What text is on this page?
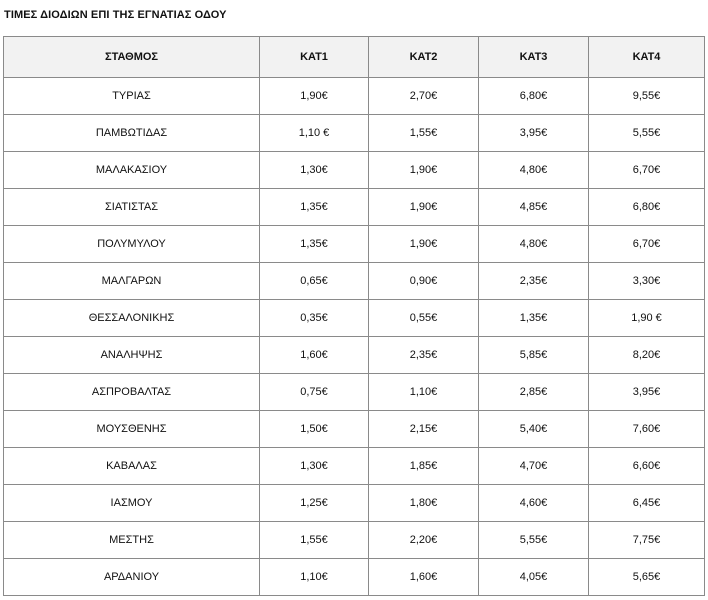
ΤΙΜΕΣ ΔΙΟΔΙΩΝ ΕΠΙ ΤΗΣ ΕΓΝΑΤΙΑΣ ΟΔΟΥ
ΣΤΑΘΜΟΣ	ΚΑΤ1	ΚΑΤ2	ΚΑΤ3	ΚΑΤ4
ΤΥΡΙΑΣ	1,90€	2,70€	6,80€	9,55€
ΠΑΜΒΩΤΙΔΑΣ	1,10 €	1,55€	3,95€	5,55€
ΜΑΛΑΚΑΣΙΟΥ	1,30€	1,90€	4,80€	6,70€
ΣΙΑΤΙΣΤΑΣ	1,35€	1,90€	4,85€	6,80€
ΠΟΛΥΜΥΛΟΥ	1,35€	1,90€	4,80€	6,70€
ΜΑΛΓΑΡΩΝ	0,65€	0,90€	2,35€	3,30€
ΘΕΣΣΑΛΟΝΙΚΗΣ	0,35€	0,55€	1,35€	1,90 €
ΑΝΑΛΗΨΗΣ	1,60€	2,35€	5,85€	8,20€
ΑΣΠΡΟΒΑΛΤΑΣ	0,75€	1,10€	2,85€	3,95€
ΜΟΥΣΘΕΝΗΣ	1,50€	2,15€	5,40€	7,60€
ΚΑΒΑΛΑΣ	1,30€	1,85€	4,70€	6,60€
ΙΑΣΜΟΥ	1,25€	1,80€	4,60€	6,45€
ΜΕΣΤΗΣ	1,55€	2,20€	5,55€	7,75€
ΑΡΔΑΝΙΟΥ	1,10€	1,60€	4,05€	5,65€
